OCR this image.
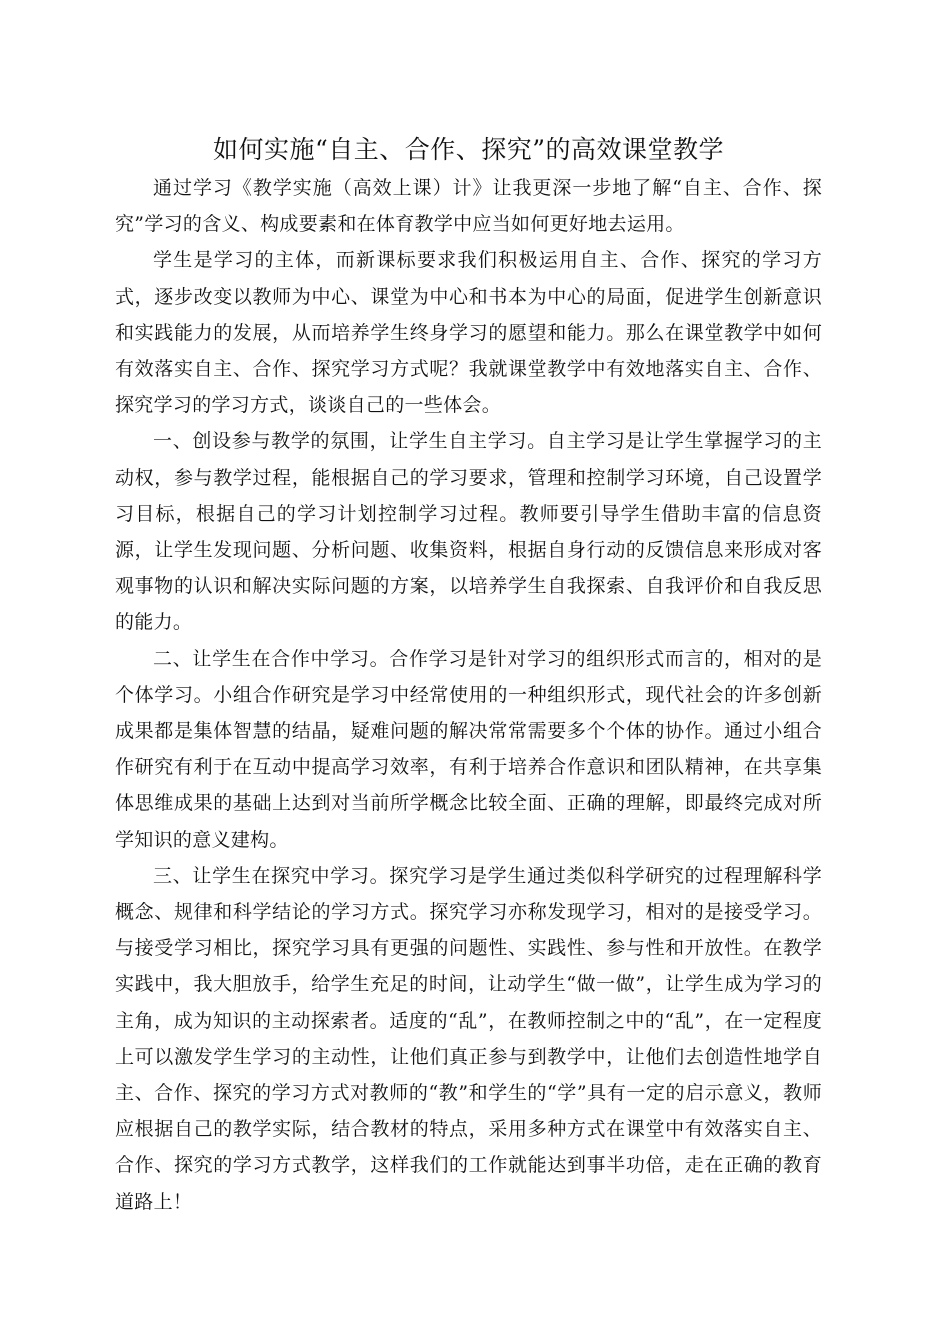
如何实施“自主、合作、探究”的高效课堂教学

通过学习《教学实施（高效上课）计》让我更深一步地了解“自主、合作、探究”学习的含义、构成要素和在体育教学中应当如何更好地去运用。

学生是学习的主体，而新课标要求我们积极运用自主、合作、探究的学习方式，逐步改变以教师为中心、课堂为中心和书本为中心的局面，促进学生创新意识和实践能力的发展，从而培养学生终身学习的愿望和能力。那么在课堂教学中如何有效落实自主、合作、探究学习方式呢？我就课堂教学中有效地落实自主、合作、探究学习的学习方式，谈谈自己的一些体会。

一、创设参与教学的氛围，让学生自主学习。自主学习是让学生掌握学习的主动权，参与教学过程，能根据自己的学习要求，管理和控制学习环境，自己设置学习目标，根据自己的学习计划控制学习过程。教师要引导学生借助丰富的信息资源，让学生发现问题、分析问题、收集资料，根据自身行动的反馈信息来形成对客观事物的认识和解决实际问题的方案，以培养学生自我探索、自我评价和自我反思的能力。

二、让学生在合作中学习。合作学习是针对学习的组织形式而言的，相对的是个体学习。小组合作研究是学习中经常使用的一种组织形式，现代社会的许多创新成果都是集体智慧的结晶，疑难问题的解决常常需要多个个体的协作。通过小组合作研究有利于在互动中提高学习效率，有利于培养合作意识和团队精神，在共享集体思维成果的基础上达到对当前所学概念比较全面、正确的理解，即最终完成对所学知识的意义建构。

三、让学生在探究中学习。探究学习是学生通过类似科学研究的过程理解科学概念、规律和科学结论的学习方式。探究学习亦称发现学习，相对的是接受学习。与接受学习相比，探究学习具有更强的问题性、实践性、参与性和开放性。在教学实践中，我大胆放手，给学生充足的时间，让动学生“做一做”，让学生成为学习的主角，成为知识的主动探索者。适度的“乱”，在教师控制之中的“乱”，在一定程度上可以激发学生学习的主动性，让他们真正参与到教学中，让他们去创造性地学自主、合作、探究的学习方式对教师的“教”和学生的“学”具有一定的启示意义，教师应根据自己的教学实际，结合教材的特点，采用多种方式在课堂中有效落实自主、合作、探究的学习方式教学，这样我们的工作就能达到事半功倍，走在正确的教育道路上！
